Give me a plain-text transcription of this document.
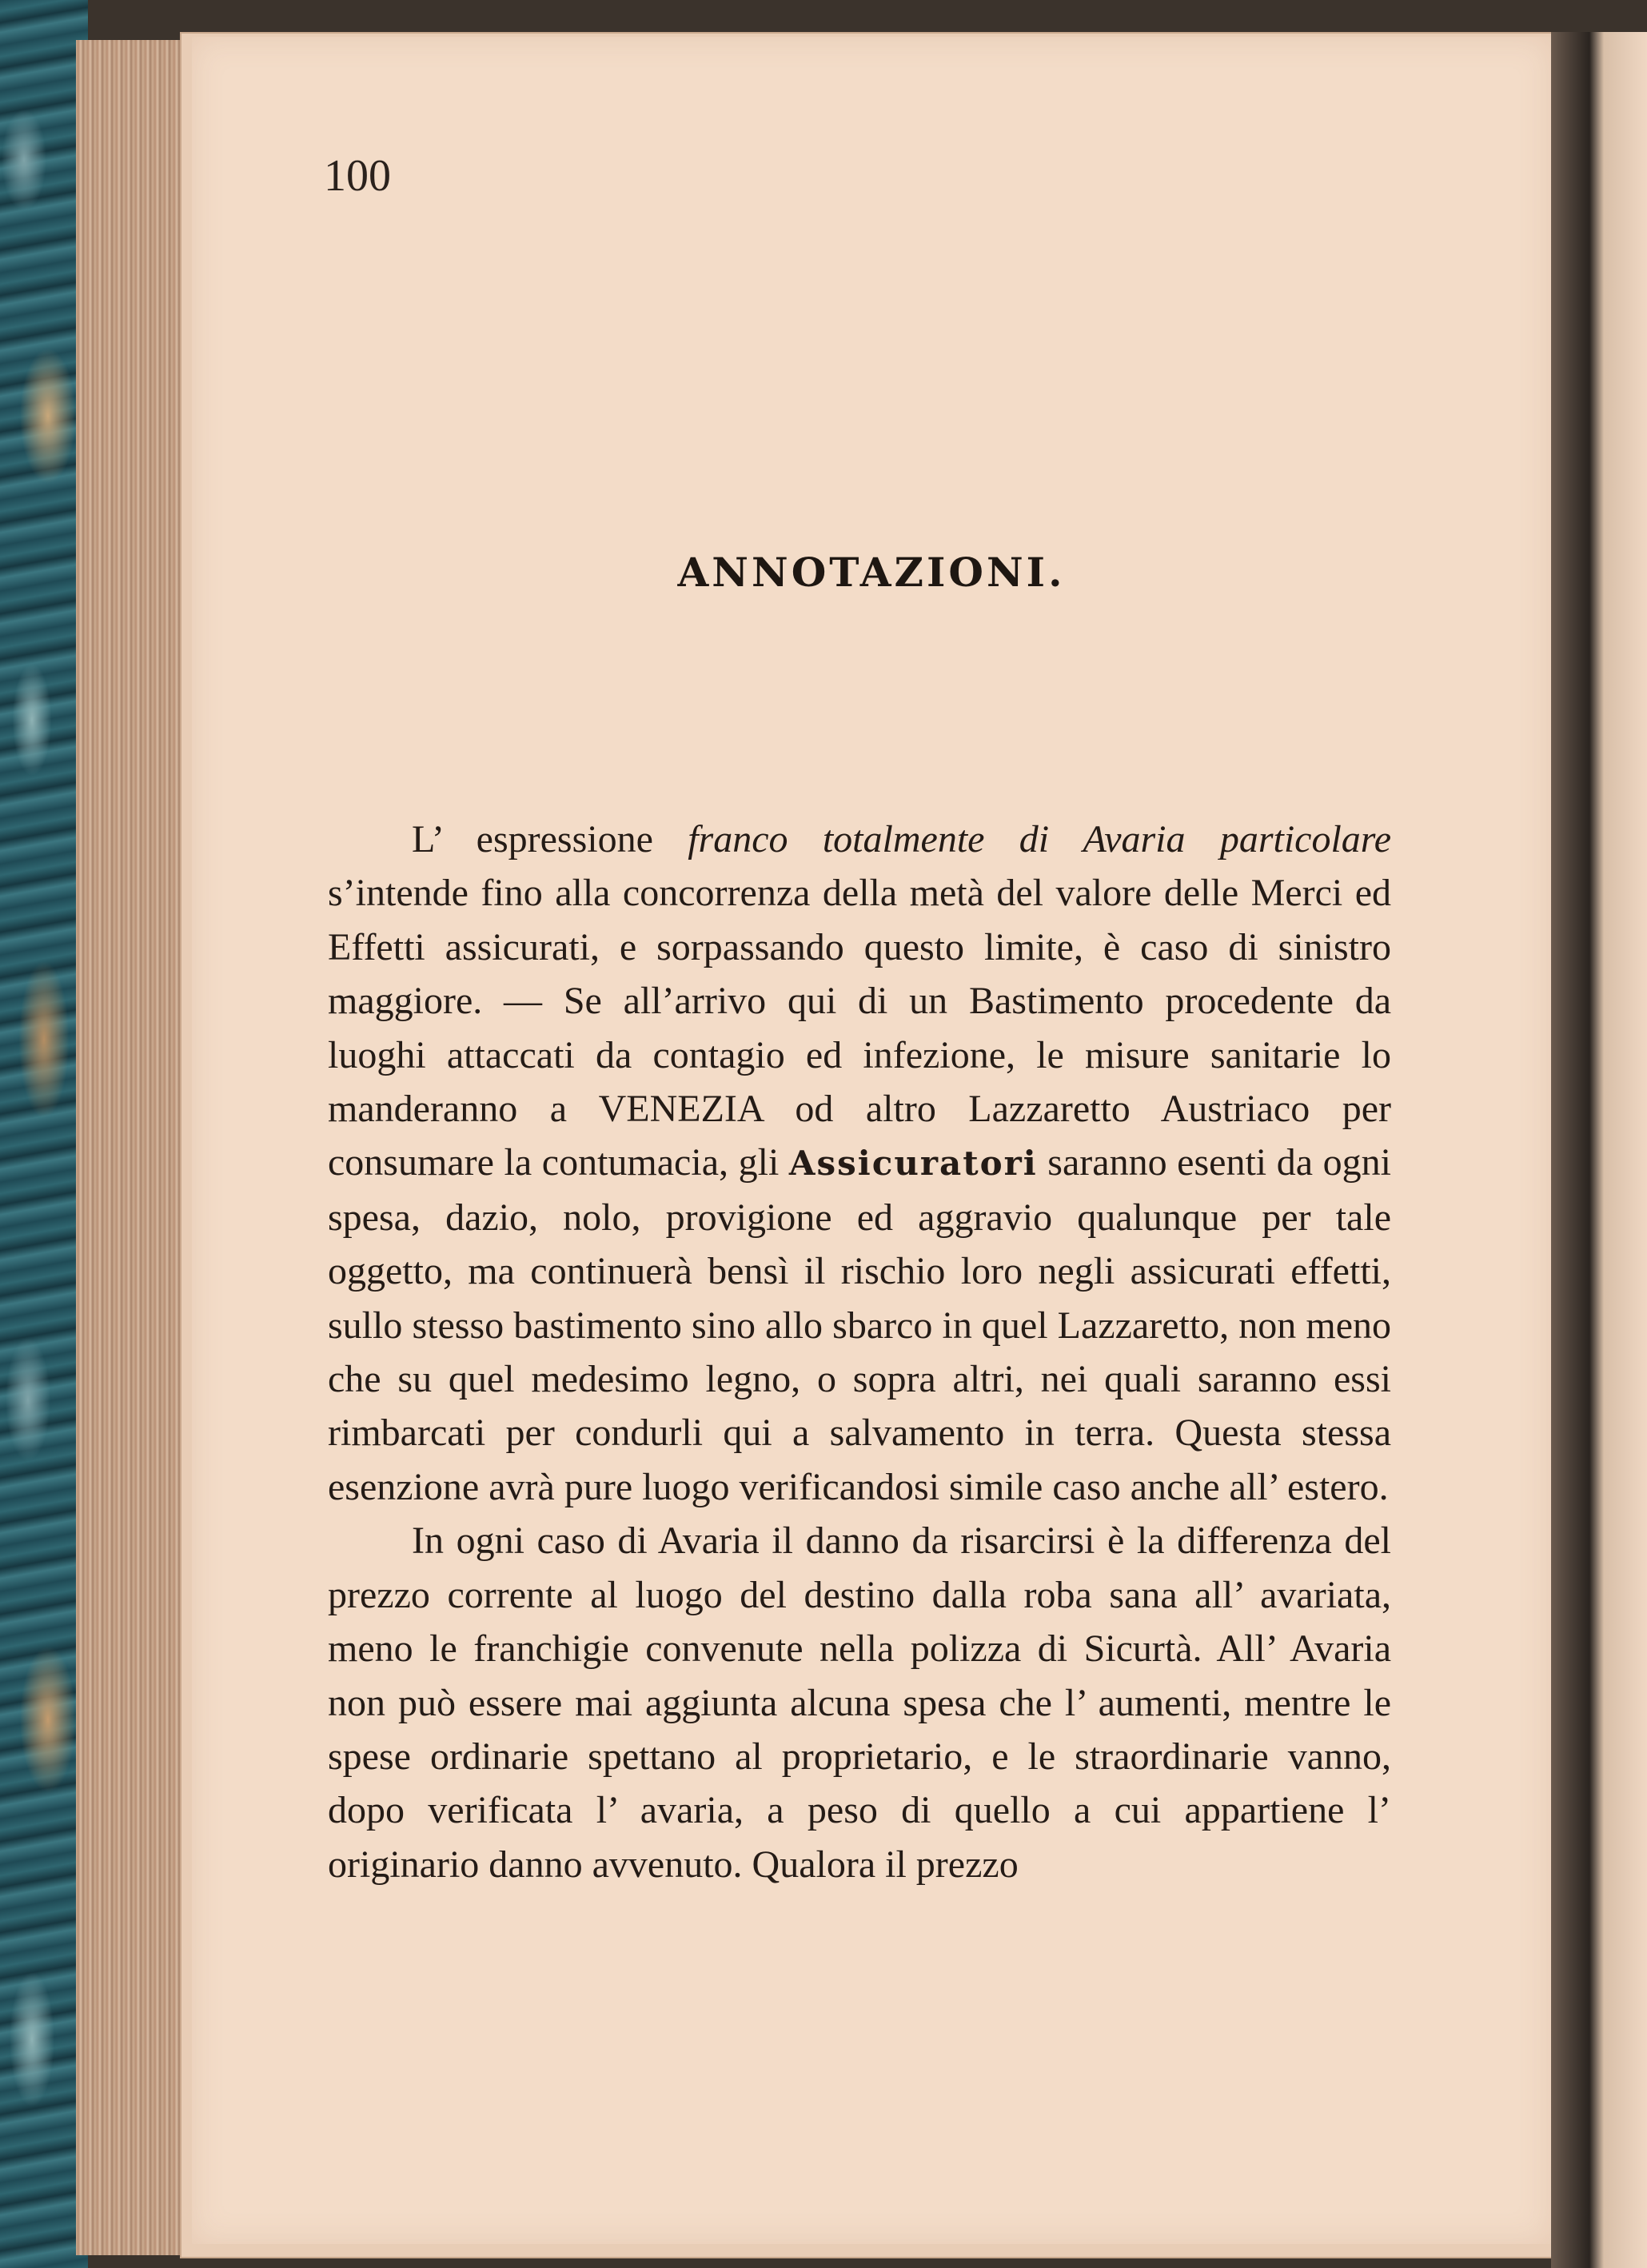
100

ANNOTAZIONI.

L’ espressione franco totalmente di Avaria particolare s’intende fino alla concorrenza della metà del valore delle Merci ed Effetti assicurati, e sorpassando questo limite, è caso di sinistro maggiore. — Se all’arrivo qui di un Bastimento procedente da luoghi attaccati da contagio ed infezione, le misure sanitarie lo manderanno a VENEZIA od altro Lazzaretto Austriaco per consumare la contumacia, gli Assicuratori saranno esenti da ogni spesa, dazio, nolo, provigione ed aggravio qualunque per tale oggetto, ma continuerà bensì il rischio loro negli assicurati effetti, sullo stesso bastimento sino allo sbarco in quel Lazzaretto, non meno che su quel medesimo legno, o sopra altri, nei quali saranno essi rimbarcati per condurli qui a salvamento in terra. Questa stessa esenzione avrà pure luogo verificandosi simile caso anche all’ estero.

In ogni caso di Avaria il danno da risarcirsi è la differenza del prezzo corrente al luogo del destino dalla roba sana all’ avariata, meno le franchigie convenute nella polizza di Sicurtà. All’ Avaria non può essere mai aggiunta alcuna spesa che l’ aumenti, mentre le spese ordinarie spettano al proprietario, e le straordinarie vanno, dopo verificata l’ avaria, a peso di quello a cui appartiene l’ originario danno avvenuto. Qualora il prezzo
